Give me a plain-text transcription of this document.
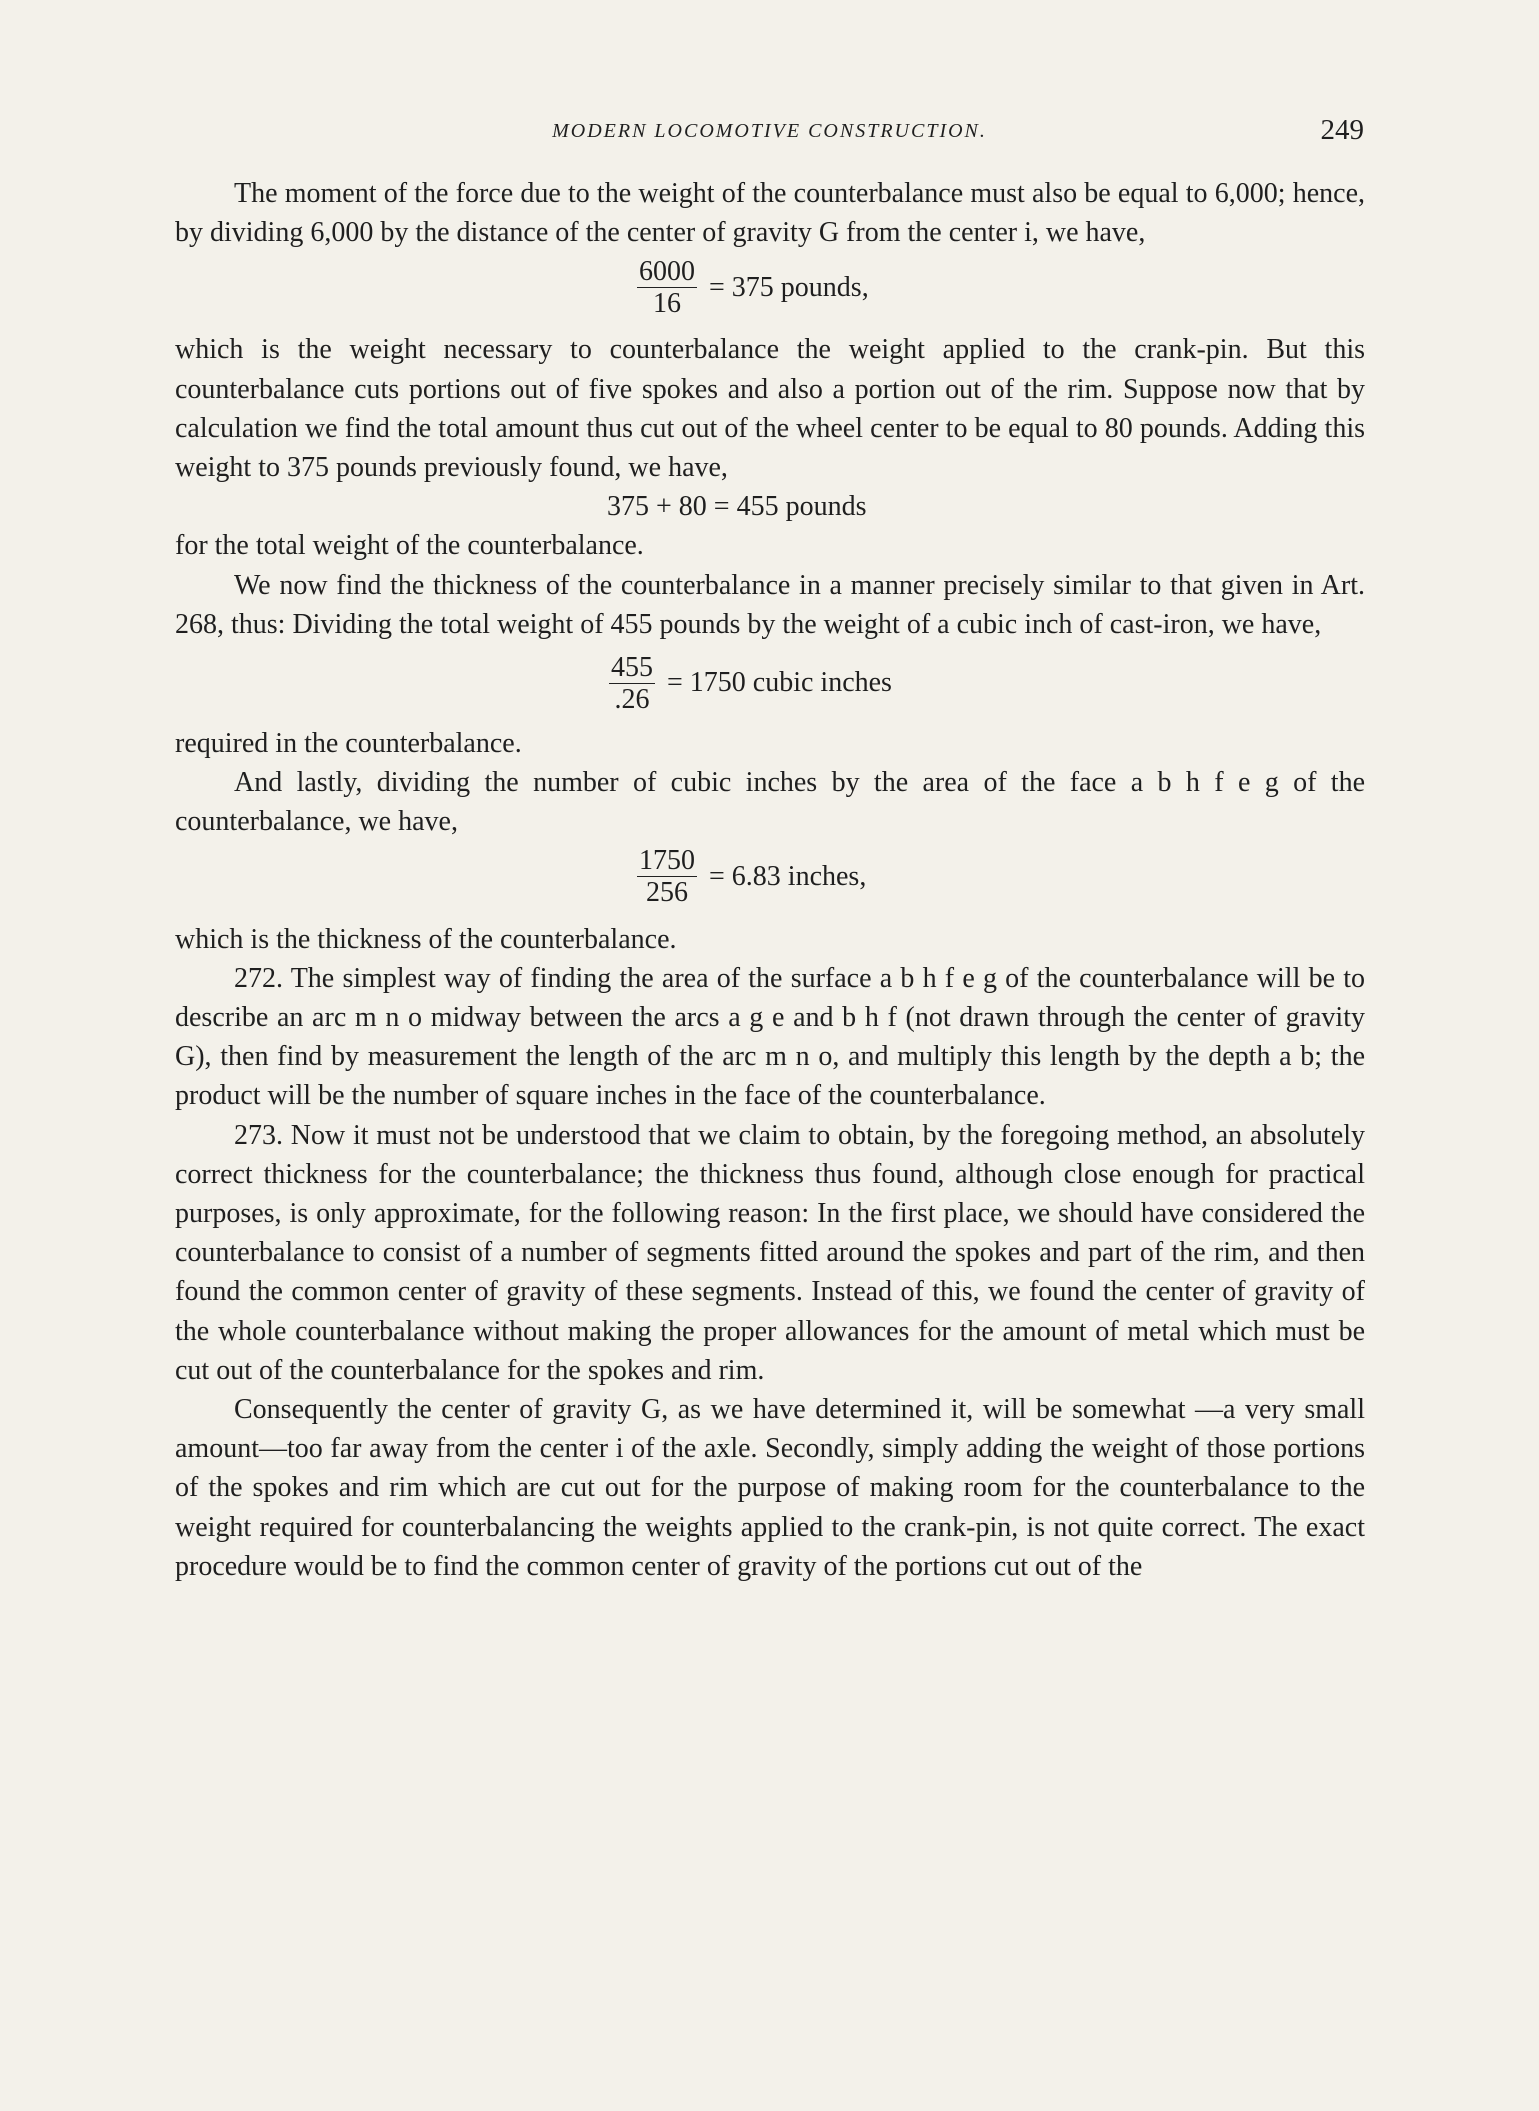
MODERN LOCOMOTIVE CONSTRUCTION.	249

The moment of the force due to the weight of the counterbalance must also be equal to 6,000; hence, by dividing 6,000 by the distance of the center of gravity G from the center i, we have,

$\frac{6000}{16} = 375$ pounds,

which is the weight necessary to counterbalance the weight applied to the crank-pin. But this counterbalance cuts portions out of five spokes and also a portion out of the rim. Suppose now that by calculation we find the total amount thus cut out of the wheel center to be equal to 80 pounds. Adding this weight to 375 pounds previously found, we have,

375 + 80 = 455 pounds

for the total weight of the counterbalance.

We now find the thickness of the counterbalance in a manner precisely similar to that given in Art. 268, thus: Dividing the total weight of 455 pounds by the weight of a cubic inch of cast-iron, we have,

$\frac{455}{.26} = 1750$ cubic inches

required in the counterbalance.

And lastly, dividing the number of cubic inches by the area of the face a b h f e g of the counterbalance, we have,

$\frac{1750}{256} = 6.83$ inches,

which is the thickness of the counterbalance.

272. The simplest way of finding the area of the surface a b h f e g of the counterbalance will be to describe an arc m n o midway between the arcs a g e and b h f (not drawn through the center of gravity G), then find by measurement the length of the arc m n o, and multiply this length by the depth a b; the product will be the number of square inches in the face of the counterbalance.

273. Now it must not be understood that we claim to obtain, by the foregoing method, an absolutely correct thickness for the counterbalance; the thickness thus found, although close enough for practical purposes, is only approximate, for the following reason: In the first place, we should have considered the counterbalance to consist of a number of segments fitted around the spokes and part of the rim, and then found the common center of gravity of these segments. Instead of this, we found the center of gravity of the whole counterbalance without making the proper allowances for the amount of metal which must be cut out of the counterbalance for the spokes and rim.

Consequently the center of gravity G, as we have determined it, will be somewhat —a very small amount—too far away from the center i of the axle. Secondly, simply adding the weight of those portions of the spokes and rim which are cut out for the purpose of making room for the counterbalance to the weight required for counterbalancing the weights applied to the crank-pin, is not quite correct. The exact procedure would be to find the common center of gravity of the portions cut out of the
